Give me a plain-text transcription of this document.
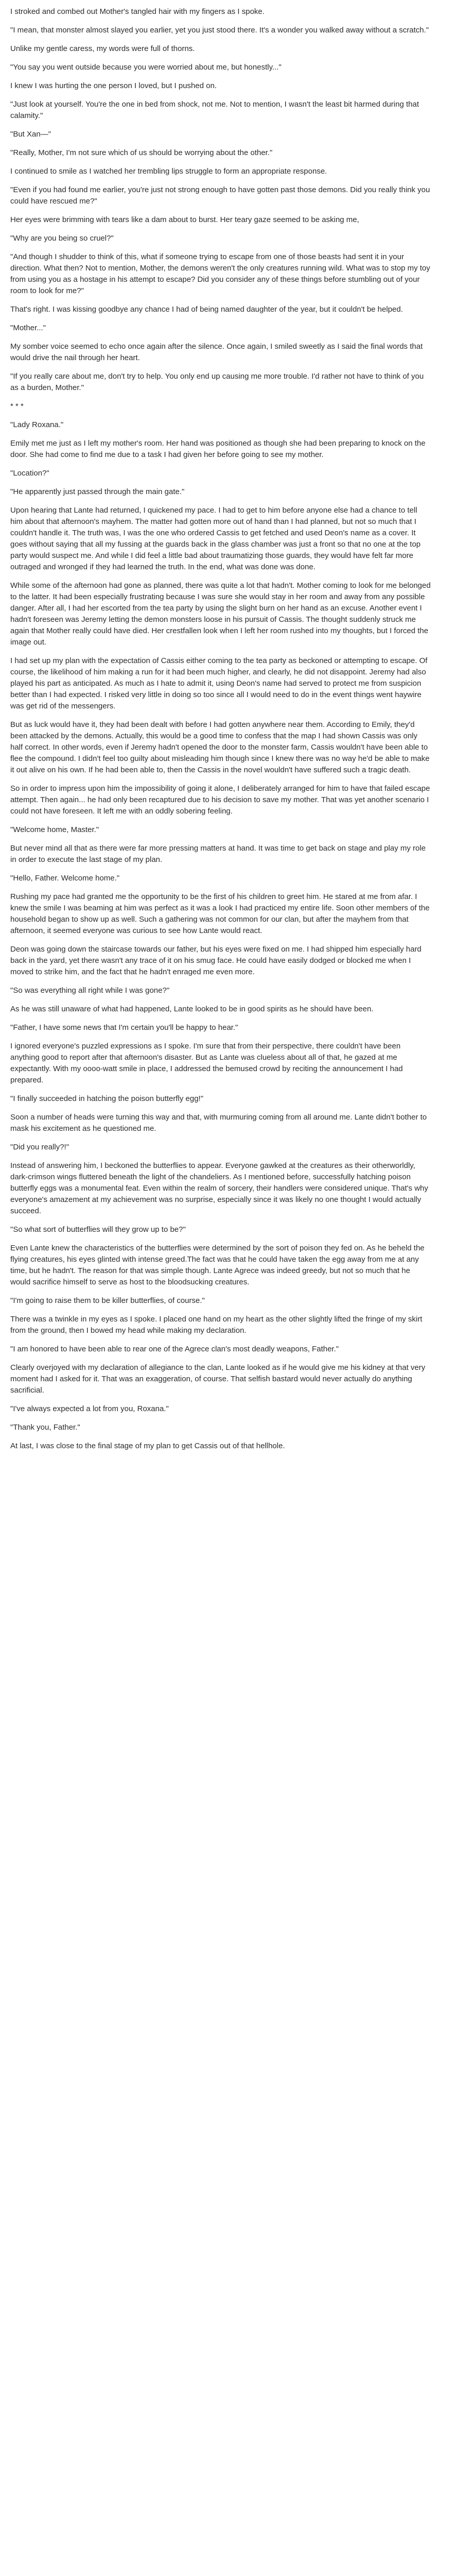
I stroked and combed out Mother's tangled hair with my fingers as I spoke.

"I mean, that monster almost slayed you earlier, yet you just stood there. It's a wonder you walked away without a scratch."

Unlike my gentle caress, my words were full of thorns.

"You say you went outside because you were worried about me, but honestly..."

I knew I was hurting the one person I loved, but I pushed on.

"Just look at yourself. You're the one in bed from shock, not me. Not to mention, I wasn't the least bit harmed during that calamity."

"But Xan—"

"Really, Mother, I'm not sure which of us should be worrying about the other."

I continued to smile as I watched her trembling lips struggle to form an appropriate response.

"Even if you had found me earlier, you're just not strong enough to have gotten past those demons. Did you really think you could have rescued me?"

Her eyes were brimming with tears like a dam about to burst. Her teary gaze seemed to be asking me,

"Why are you being so cruel?"

"And though I shudder to think of this, what if someone trying to escape from one of those beasts had sent it in your direction. What then? Not to mention, Mother, the demons weren't the only creatures running wild. What was to stop my toy from using you as a hostage in his attempt to escape? Did you consider any of these things before stumbling out of your room to look for me?"

That's right. I was kissing goodbye any chance I had of being named daughter of the year, but it couldn't be helped.

"Mother..."

My somber voice seemed to echo once again after the silence. Once again, I smiled sweetly as I said the final words that would drive the nail through her heart.

"If you really care about me, don't try to help. You only end up causing me more trouble. I'd rather not have to think of you as a burden, Mother."

* * *

"Lady Roxana."

Emily met me just as I left my mother's room. Her hand was positioned as though she had been preparing to knock on the door. She had come to find me due to a task I had given her before going to see my mother.

"Location?"

"He apparently just passed through the main gate."

Upon hearing that Lante had returned, I quickened my pace. I had to get to him before anyone else had a chance to tell him about that afternoon's mayhem. The matter had gotten more out of hand than I had planned, but not so much that I couldn't handle it. The truth was, I was the one who ordered Cassis to get fetched and used Deon's name as a cover. It goes without saying that all my fussing at the guards back in the glass chamber was just a front so that no one at the top party would suspect me. And while I did feel a little bad about traumatizing those guards, they would have felt far more outraged and wronged if they had learned the truth. In the end, what was done was done.

While some of the afternoon had gone as planned, there was quite a lot that hadn't. Mother coming to look for me belonged to the latter. It had been especially frustrating because I was sure she would stay in her room and away from any possible danger. After all, I had her escorted from the tea party by using the slight burn on her hand as an excuse. Another event I hadn't foreseen was Jeremy letting the demon monsters loose in his pursuit of Cassis. The thought suddenly struck me again that Mother really could have died. Her crestfallen look when I left her room rushed into my thoughts, but I forced the image out.

I had set up my plan with the expectation of Cassis either coming to the tea party as beckoned or attempting to escape. Of course, the likelihood of him making a run for it had been much higher, and clearly, he did not disappoint. Jeremy had also played his part as anticipated. As much as I hate to admit it, using Deon's name had served to protect me from suspicion better than I had expected. I risked very little in doing so too since all I would need to do in the event things went haywire was get rid of the messengers.

But as luck would have it, they had been dealt with before I had gotten anywhere near them. According to Emily, they'd been attacked by the demons. Actually, this would be a good time to confess that the map I had shown Cassis was only half correct. In other words, even if Jeremy hadn't opened the door to the monster farm, Cassis wouldn't have been able to flee the compound. I didn't feel too guilty about misleading him though since I knew there was no way he'd be able to make it out alive on his own. If he had been able to, then the Cassis in the novel wouldn't have suffered such a tragic death.

So in order to impress upon him the impossibility of going it alone, I deliberately arranged for him to have that failed escape attempt. Then again... he had only been recaptured due to his decision to save my mother. That was yet another scenario I could not have foreseen. It left me with an oddly sobering feeling.

"Welcome home, Master."

But never mind all that as there were far more pressing matters at hand. It was time to get back on stage and play my role in order to execute the last stage of my plan.

"Hello, Father. Welcome home."

Rushing my pace had granted me the opportunity to be the first of his children to greet him. He stared at me from afar. I knew the smile I was beaming at him was perfect as it was a look I had practiced my entire life. Soon other members of the household began to show up as well. Such a gathering was not common for our clan, but after the mayhem from that afternoon, it seemed everyone was curious to see how Lante would react.

Deon was going down the staircase towards our father, but his eyes were fixed on me. I had shipped him especially hard back in the yard, yet there wasn't any trace of it on his smug face. He could have easily dodged or blocked me when I moved to strike him, and the fact that he hadn't enraged me even more.

"So was everything all right while I was gone?"

As he was still unaware of what had happened, Lante looked to be in good spirits as he should have been.

"Father, I have some news that I'm certain you'll be happy to hear."

I ignored everyone's puzzled expressions as I spoke. I'm sure that from their perspective, there couldn't have been anything good to report after that afternoon's disaster. But as Lante was clueless about all of that, he gazed at me expectantly. With my oooo-watt smile in place, I addressed the bemused crowd by reciting the announcement I had prepared.

"I finally succeeded in hatching the poison butterfly egg!"

Soon a number of heads were turning this way and that, with murmuring coming from all around me. Lante didn't bother to mask his excitement as he questioned me.

"Did you really?!"

Instead of answering him, I beckoned the butterflies to appear. Everyone gawked at the creatures as their otherworldly, dark-crimson wings fluttered beneath the light of the chandeliers. As I mentioned before, successfully hatching poison butterfly eggs was a monumental feat. Even within the realm of sorcery, their handlers were considered unique. That's why everyone's amazement at my achievement was no surprise, especially since it was likely no one thought I would actually succeed.

"So what sort of butterflies will they grow up to be?"

Even Lante knew the characteristics of the butterflies were determined by the sort of poison they fed on. As he beheld the flying creatures, his eyes glinted with intense greed.The fact was that he could have taken the egg away from me at any time, but he hadn't. The reason for that was simple though. Lante Agrece was indeed greedy, but not so much that he would sacrifice himself to serve as host to the bloodsucking creatures.

"I'm going to raise them to be killer butterflies, of course."

There was a twinkle in my eyes as I spoke. I placed one hand on my heart as the other slightly lifted the fringe of my skirt from the ground, then I bowed my head while making my declaration.

"I am honored to have been able to rear one of the Agrece clan's most deadly weapons, Father."

Clearly overjoyed with my declaration of allegiance to the clan, Lante looked as if he would give me his kidney at that very moment had I asked for it. That was an exaggeration, of course. That selfish bastard would never actually do anything sacrificial.

"I've always expected a lot from you, Roxana."

"Thank you, Father."

At last, I was close to the final stage of my plan to get Cassis out of that hellhole.
